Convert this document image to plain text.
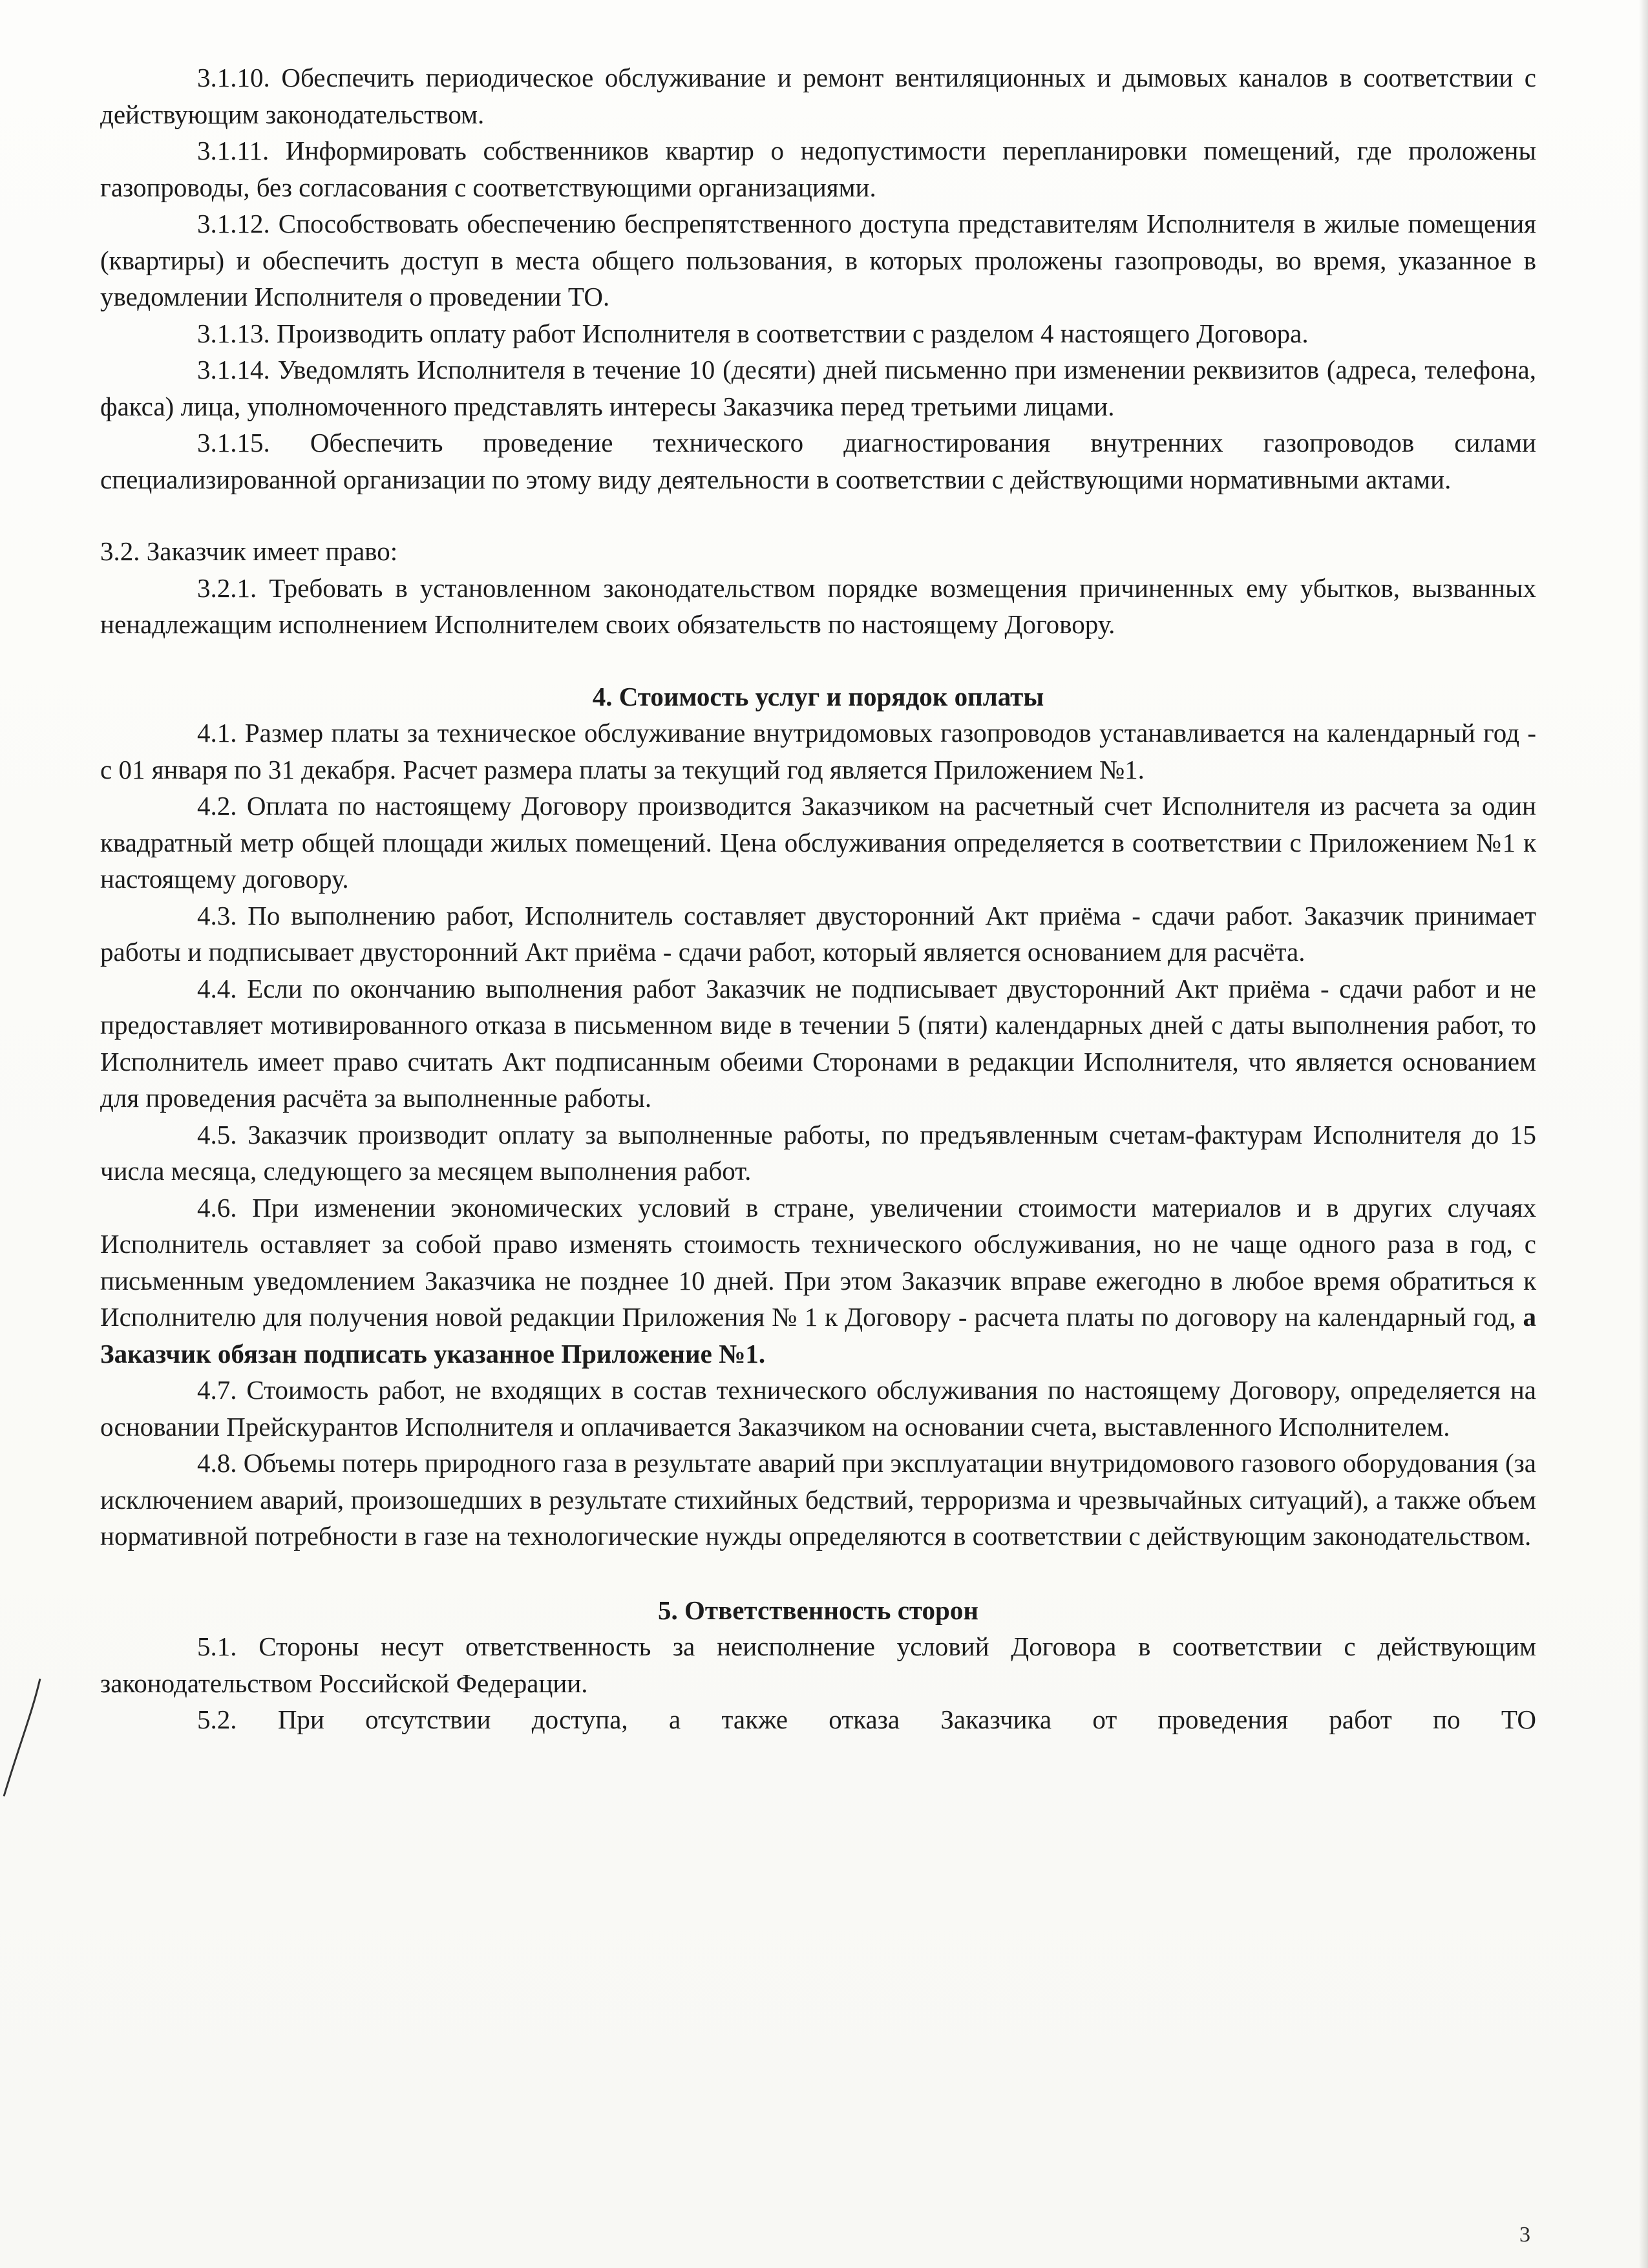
3.1.10. Обеспечить периодическое обслуживание и ремонт вентиляционных и дымовых каналов в соответствии с действующим законодательством.

3.1.11. Информировать собственников квартир о недопустимости перепланировки помещений, где проложены газопроводы, без согласования с соответствующими организациями.

3.1.12. Способствовать обеспечению беспрепятственного доступа представителям Исполнителя в жилые помещения (квартиры) и обеспечить доступ в места общего пользования, в которых проложены газопроводы, во время, указанное в уведомлении Исполнителя о проведении ТО.

3.1.13. Производить оплату работ Исполнителя в соответствии с разделом 4 настоящего Договора.

3.1.14. Уведомлять Исполнителя в течение 10 (десяти) дней письменно при изменении реквизитов (адреса, телефона, факса) лица, уполномоченного представлять интересы Заказчика перед третьими лицами.

3.1.15. Обеспечить проведение технического диагностирования внутренних газопроводов силами специализированной организации по этому виду деятельности в соответствии с действующими нормативными актами.

3.2. Заказчик имеет право:

3.2.1. Требовать в установленном законодательством порядке возмещения причиненных ему убытков, вызванных ненадлежащим исполнением Исполнителем своих обязательств по настоящему Договору.

4. Стоимость услуг и порядок оплаты

4.1. Размер платы за техническое обслуживание внутридомовых газопроводов устанавливается на календарный год - с 01 января по 31 декабря. Расчет размера платы за текущий год является Приложением №1.

4.2. Оплата по настоящему Договору производится Заказчиком на расчетный счет Исполнителя из расчета за один квадратный метр общей площади жилых помещений. Цена обслуживания определяется в соответствии с Приложением №1 к настоящему договору.

4.3. По выполнению работ, Исполнитель составляет двусторонний Акт приёма - сдачи работ. Заказчик принимает работы и подписывает двусторонний Акт приёма - сдачи работ, который является основанием для расчёта.

4.4. Если по окончанию выполнения работ Заказчик не подписывает двусторонний Акт приёма - сдачи работ и не предоставляет мотивированного отказа в письменном виде в течении 5 (пяти) календарных дней с даты выполнения работ, то Исполнитель имеет право считать Акт подписанным обеими Сторонами в редакции Исполнителя, что является основанием для проведения расчёта за выполненные работы.

4.5. Заказчик производит оплату за выполненные работы, по предъявленным счетам-фактурам Исполнителя до 15 числа месяца, следующего за месяцем выполнения работ.

4.6. При изменении экономических условий в стране, увеличении стоимости материалов и в других случаях Исполнитель оставляет за собой право изменять стоимость технического обслуживания, но не чаще одного раза в год, с письменным уведомлением Заказчика не позднее 10 дней. При этом Заказчик вправе ежегодно в любое время обратиться к Исполнителю для получения новой редакции Приложения № 1 к Договору - расчета платы по договору на календарный год, а Заказчик обязан подписать указанное Приложение №1.

4.7. Стоимость работ, не входящих в состав технического обслуживания по настоящему Договору, определяется на основании Прейскурантов Исполнителя и оплачивается Заказчиком на основании счета, выставленного Исполнителем.

4.8. Объемы потерь природного газа в результате аварий при эксплуатации внутридомового газового оборудования (за исключением аварий, произошедших в результате стихийных бедствий, терроризма и чрезвычайных ситуаций), а также объем нормативной потребности в газе на технологические нужды определяются в соответствии с действующим законодательством.

5. Ответственность сторон

5.1. Стороны несут ответственность за неисполнение условий Договора в соответствии с действующим законодательством Российской Федерации.

5.2. При отсутствии доступа, а также отказа Заказчика от проведения работ по ТО

3
